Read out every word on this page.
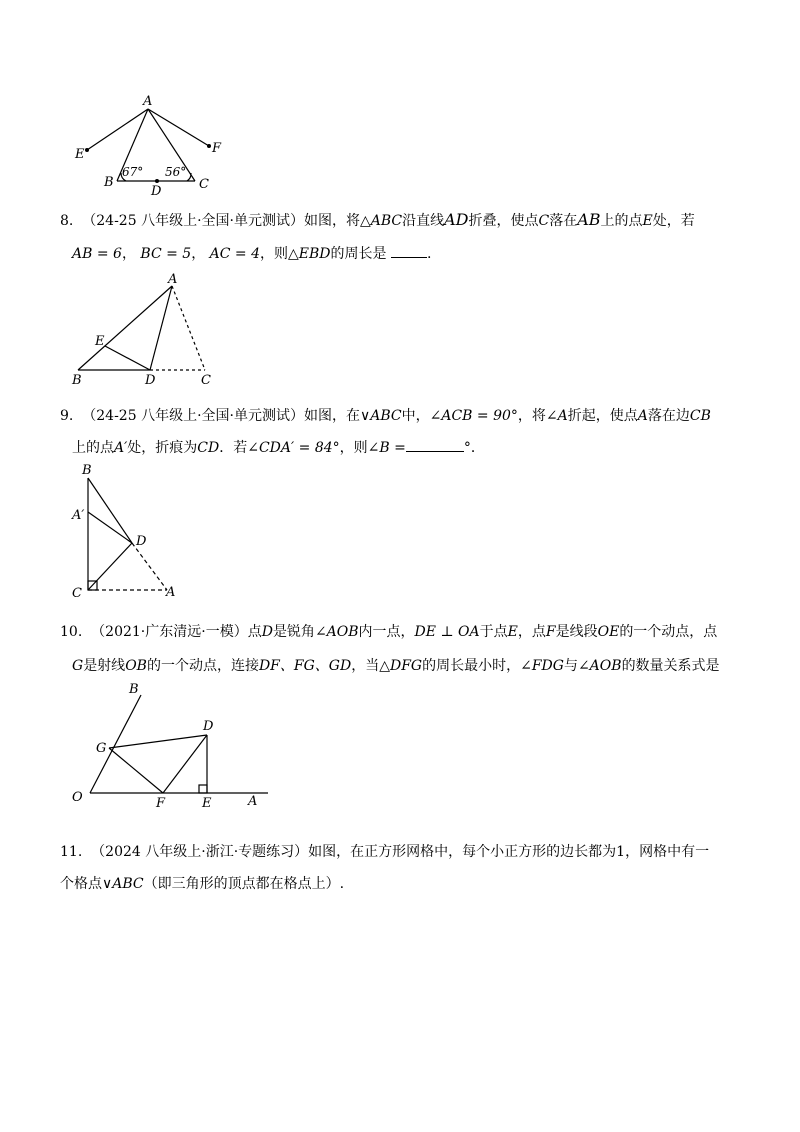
A
E	F
B
D	C
67° 56°
8. （24-25 八年级上·全国·单元测试）如图，将△ABC沿直线AD折叠，使点C落在AB上的点E处，若
AB = 6， BC = 5， AC = 4，则△EBD的周长是	.
A
E
B	D	C
9. （24-25 八年级上·全国·单元测试）如图，在∨ABC中，∠ACB = 90°，将∠A折起，使点A落在边CB
上的点A′处，折痕为CD．若∠CDA′ = 84°，则∠B =	°．
B
A′
D
C	A
10. （2021·广东清远·一模）点D是锐角∠AOB内一点，DE ⊥ OA于点E，点F是线段OE的一个动点，点
G是射线OB的一个动点，连接DF、FG、GD，当△DFG的周长最小时，∠FDG与∠AOB的数量关系式是
B
D
G
O	F	E	A
11. （2024 八年级上·浙江·专题练习）如图，在正方形网格中，每个小正方形的边长都为1，网格中有一
个格点∨ABC（即三角形的顶点都在格点上）.
